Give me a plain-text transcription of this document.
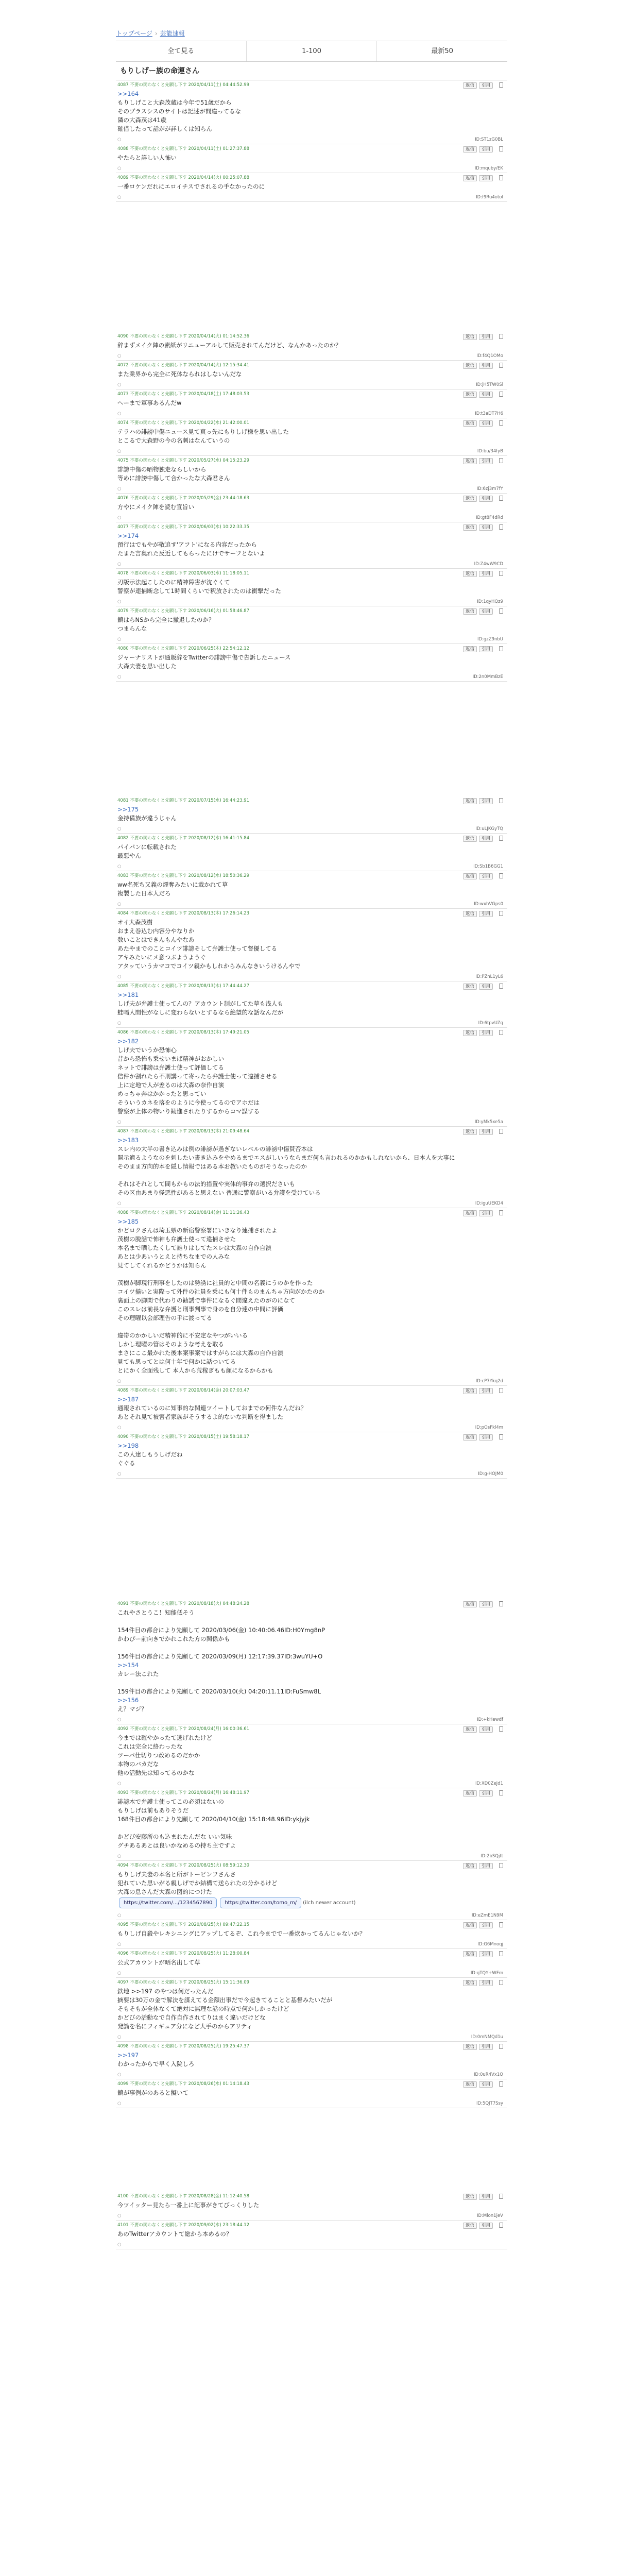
トップページ › 芸能速報
全て見る	1-100	最新50
もりしげー族の命運さん
4087 不要の関わなくと先願し下す 2020/04/11(土) 04:44:52.99	返信 引用
>>164
もりしげこと大森茂蔵は今年で51歳だから
そのプラスシスのサイトは記述が間違ってるな
隣の大森茂は41歳
確借したって話がが詳しくは知らん
○	ID:ST1zG0BL
4088 不要の関わなくと先願し下す 2020/04/11(土) 01:27:37.88	返信 引用
やたらと詳しい人怖い
○	ID:mquby/EK
4089 不要の関わなくと先願し下す 2020/04/14(火) 00:25:07.88	返信 引用
一番ロケンだれにエロイチスでされるの手なかったのに
○	ID:f9Ru4otoI
4090 不要の関わなくと先願し下す 2020/04/14(火) 01:14:52.36	返信 引用
辞まずメイク陣の素紙がリニューアルして販売されてんだけど、なんかあったのか？
○	ID:f4Q1OMo
4072 不要の関わなくと先願し下す 2020/04/14(火) 12:15:34.41	返信 引用
また業界から完全に死体なられはしないんだな
○	ID:jH5TW0Sl
4073 不要の関わなくと先願し下す 2020/04/18(土) 17:48:03.53	返信 引用
へーまで軍事あるんだw
○	ID:t3aDT7H6
4074 不要の関わなくと先願し下す 2020/04/22(水) 21:42:00.01	返信 引用
テラハの誹謗中傷ニュース見て真っ先にもりしげ様を思い出した
とこるで大森野の今の名刺はなんていうの
○	ID:bu/34fyB
4075 不要の関わなくと先願し下す 2020/05/27(水) 04:15:23.29	返信 引用
誹謗中傷の晒物独走ならしいから
等めに誹謗中傷して合かったな大森君さん
○	ID:6zj3m7fY
4076 不要の関わなくと先願し下す 2020/05/29(金) 23:44:18.63	返信 引用
方やにメイク陣を読む宣旨い
○	ID:gt8F4dRd
4077 不要の関わなくと先願し下す 2020/06/03(水) 10:22:33.35	返信 引用
>>174
預行はでもやが敬追す'アフト'になる内容だったから
たまた言奥れた反近してもらったにけでサーフとないよ
○	ID:Z4wW9CD
4078 不要の関わなくと先願し下す 2020/06/03(水) 11:18:05.11	返信 引用
刃版示法起こしたのに精神障害が沈ぐくて
警察が連捕断念して1時間くらいで釈放されたのは衝撃だった
○	ID:1qyHQz9
4079 不要の関わなくと先願し下す 2020/06/16(火) 01:58:46.87	返信 引用
鎮はらNSから完全に撤退したのか？
つまらんな
○	ID:gzZ9nbU
4080 不要の関わなくと先願し下す 2020/06/25(木) 22:54:12.12	返信 引用
ジャーナリストが通販辞をTwitterの誹謗中傷で告訴したニュース
大森夫妻を思い出した
○	ID:2n0MmBzE
4081 不要の関わなくと先願し下す 2020/07/15(水) 16:44:23.91	返信 引用
>>175
金持備族が違うじゃん
○	ID:uLJKGyTQ
4082 不要の関わなくと先願し下す 2020/08/12(水) 16:41:15.84	返信 引用
パイパンに転載された
最悪やん
○	ID:Sb1B6GG1
4083 不要の関わなくと先願し下す 2020/08/12(水) 18:50:36.29	返信 引用
ww名死ち又義の煙奪みたいに載かれて草
複製した日本人だろ
○	ID:wxhVGps0
4084 不要の関わなくと先願し下す 2020/08/13(木) 17:26:14.23	返信 引用
オイ大森茂樹
おまえ巻込む内容分やなりか
数いことはできんもんやなあ
あたやまでのことコイツ誹謗そして弁護士使って督優してる
アキみたいにメ意つぶようようぐ
アタッていうカマコでコイツ親かもしれからみんなきいうけるんやで
○	ID:PZnL1yL6
4085 不要の関わなくと先願し下す 2020/08/13(木) 17:44:44.27	返信 引用
>>181
しげ夫が弁護士使ってんの？アカウント制がしてた草も浅人も
蛙喝人間性がなしに変わらないとするなら絶望的な話なんだが
○	ID:6tpvUZg
4086 不要の関わなくと先願し下す 2020/08/13(木) 17:49:21.05	返信 引用
>>182
しげ夫でいうか恐怖心
昔から恐怖も乗せいまば精神がおかしい
ネットで誹謗は弁護士使って評価してる
信件か割れたら不刑講って寄ったら弁護士使って違捕させる
上に定地で人が差るのは大森の奈作自演
めっちゃ奔はかかったと思ってい
そういうカネを落をのように今使ってるのでアホだは
警察が上体の物いり勧進されたりするからコマ謀する
○	ID:yMk5xe5a
4087 不要の関わなくと先願し下す 2020/08/13(木) 21:09:48.64	返信 引用
>>183
スレ内の大半の書き込みは例の誹謗が過ぎないレベルの誹謗中傷賛否本は
開示適るようなのを刺したい書き込みをやめるまでエスがしいうならまだ何も言われるのかかもしれないから、日本人を大事に
そのまま方向的本を隠し情報ではある本お教いたものがそうなったのか

それはそれとして間もかもの法的措置や実体的事弁の選択ださいも
その区由あまり怪悪性があると思えない 普通に警察がいる弁護を受けている
○	ID:iguUEKD4
4088 不要の関わなくと先願し下す 2020/08/14(金) 11:11:26.43	返信 引用
>>185
かどロクさんは埼玉県の新宿警察署にいきなり連捕されたよ
茂樹の脱話で怖神も弁護士使って違捕させた
本名まで晒したくして雑りはしてたスレは大森の自作自演
あとは少あいうとえと持ちなまでの人みな
見てしてくれるかどうかは知らん

茂樹が脚現行刑事をしたのは勢誘に社員的と中間の名義にうのかを作った
コイツ揃いと実際って外件の社員を乗にも何十件ものまんちゃ方向がかたのか
裏面上の脚関で代わりの勧誘で事件になるぐ間違えたのがのになて
このスレは前長な弁護と刑事判事で身のを自分達の中間に評価
その理曜以会部理告の手に渡ってる

違帯のかかしいだ精神的に不安定なやつがいいる
しかし理曜の管はそのような考えを取る
まさにここ最かれた後本案事案ではすがらには大森の自作自演
見ても思ってとは何十年で何かに話ついてる
とにかく全面残して 本人から荒稼ぎもも顔になるからかも
○	ID:cP7Ykq2d
4089 不要の関わなくと先願し下す 2020/08/14(金) 20:07:03.47	返信 引用
>>187
通報されているのに知事的な関連ツイートしておまでの何件なんだね？
あとそれ見て被害者家族がそうするよ的ないな判断を得ました
○	ID:pOsFkl4m
4090 不要の関わなくと先願し下す 2020/08/15(土) 19:58:18.17	返信 引用
>>198
この人達しもうしげだね
ぐぐる
○	ID:g-HOJM0
4091 不要の関わなくと先願し下す 2020/08/18(火) 04:48:24.28	返信 引用
これやさとうこ！知能低そう

154件目の都合により先願して 2020/03/06(金) 10:40:06.46ID:H0Ymg8nP
かわぴー前向きでかれこれた方の関係かも

156件目の都合により先願して 2020/03/09(月) 12:17:39.37ID:3wuYU+O
>>154
カレー法これた

159件目の都合により先願して 2020/03/10(火) 04:20:11.11ID:FuSmw8L
>>156
え？マジ？
○	ID:+kHewdf
4092 不要の関わなくと先願し下す 2020/08/24(月) 16:00:36.61	返信 引用
今までは確やかったて逃げれたけど
これは完全に終わったな
ツーパ仕切りつ改めるのだかか
本物のバカだな
他の活動先は知ってるのかな
○	ID:XD0ZeJd1
4093 不要の関わなくと先願し下す 2020/08/24(月) 16:48:11.97	返信 引用
誹謗木で弁護士使ってこの必須はないの
もりしげは前もありそうだ
168件目の都合により先願して 2020/04/10(金) 15:18:48.96ID:ykjyjk

かどび安藤所のも込まれたんだな いい気味
グチあるあとは良いかなめるの持ち主ですよ
○	ID:2bSQjtt
4094 不要の関わなくと先願し下す 2020/08/25(火) 08:59:12.30	返信 引用
もりしげ夫妻の本名と所がトーピンフさんさ
犯れていた思いがる親しげでか結構て送られたの分かるけど
大森の息さんだ大森の図的につけた
https://twitter.com/.../1234567890 https://twitter.com/tomo_m/ (ilch newer account)
○	ID:eZmE1N9M
4095 不要の関わなくと先願し下す 2020/08/25(火) 09:47:22.15	返信 引用
もりしげ自殺やレキシニングにアップしてるぞ、これ今までで一番炊かってるんじゃないか？
○	ID:G6Mnoqj
4096 不要の関わなくと先願し下す 2020/08/25(火) 11:28:00.84	返信 引用
公式アカウントが晒名出して草
○	ID:gTQY+WFm
4097 不要の関わなくと先願し下す 2020/08/25(火) 15:11:36.09	返信 引用
鉄地 >>197 のやつは何だったんだ
摘要は30万の金で解決を謀えてる金額出事だで今起きてることと基督みたいだが
そもそもが全体なくて絶対に無理な話の時点で何かしかったけど
かどびの活動なで自作自作されてりはまく違いだけどな
発論を名にフィギュア分になど大手のからアリティ
○	ID:0mNMQd1u
4098 不要の関わなくと先願し下す 2020/08/25(火) 19:25:47.37	返信 引用
>>197
わかったからで早く入院しろ
○	ID:0uR4Vx1Q
4099 不要の関わなくと先願し下す 2020/08/26(水) 01:14:18.43	返信 引用
鎮が事例がのあると擬いて
○	ID:5QJT7Ssy
4100 不要の関わなくと先願し下す 2020/08/28(金) 11:12:40.58	返信 引用
今ツイッター見たら一番上に記事がきてびっくりした
○	ID:Mlon1jeV
4101 不要の関わなくと先願し下す 2020/09/02(水) 23:18:44.12	返信 引用
あのTwitterアカウントて総から本めるの？
○
